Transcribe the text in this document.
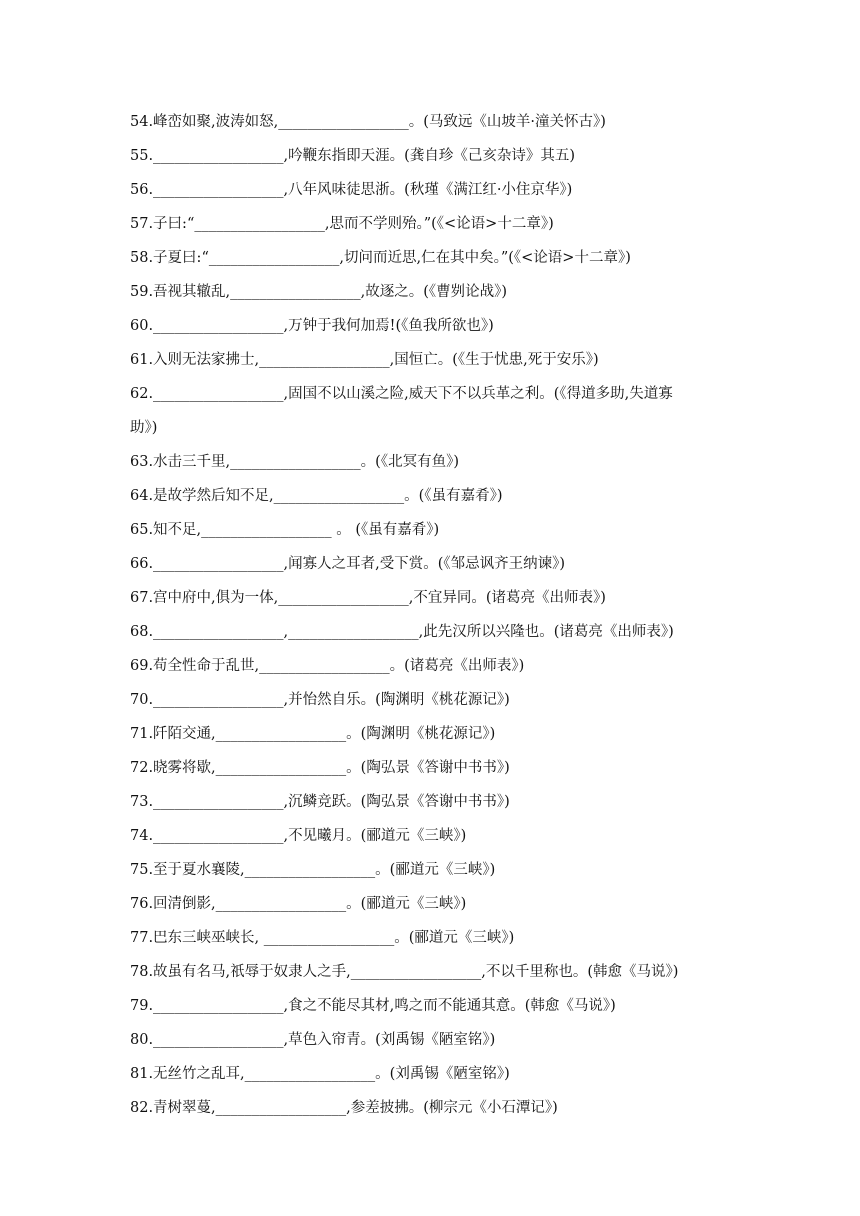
54.峰峦如聚,波涛如怒,__________________。(马致远《山坡羊·潼关怀古》)
55.__________________,吟鞭东指即天涯。(龚自珍《己亥杂诗》其五)
56.__________________,八年风味徒思浙。(秋瑾《满江红·小住京华》)
57.子曰:“__________________,思而不学则殆。”(《<论语>十二章》)
58.子夏曰:“__________________,切问而近思,仁在其中矣。”(《<论语>十二章》)
59.吾视其辙乱,__________________,故逐之。(《曹刿论战》)
60.__________________,万钟于我何加焉!(《鱼我所欲也》)
61.入则无法家拂士,__________________,国恒亡。(《生于忧患,死于安乐》)
62.__________________,固国不以山溪之险,威天下不以兵革之利。(《得道多助,失道寡
助》)
63.水击三千里,__________________。(《北冥有鱼》)
64.是故学然后知不足,__________________。(《虽有嘉肴》)
65.知不足,__________________ 。 (《虽有嘉肴》)
66.__________________,闻寡人之耳者,受下赏。(《邹忌讽齐王纳谏》)
67.宫中府中,俱为一体,__________________,不宜异同。(诸葛亮《出师表》)
68.__________________,__________________,此先汉所以兴隆也。(诸葛亮《出师表》)
69.苟全性命于乱世,__________________。(诸葛亮《出师表》)
70.__________________,并怡然自乐。(陶渊明《桃花源记》)
71.阡陌交通,__________________。(陶渊明《桃花源记》)
72.晓雾将歇,__________________。(陶弘景《答谢中书书》)
73.__________________,沉鳞竞跃。(陶弘景《答谢中书书》)
74.__________________,不见曦月。(郦道元《三峡》)
75.至于夏水襄陵,__________________。(郦道元《三峡》)
76.回清倒影,__________________。(郦道元《三峡》)
77.巴东三峡巫峡长, __________________。(郦道元《三峡》)
78.故虽有名马,祇辱于奴隶人之手,__________________,不以千里称也。(韩愈《马说》)
79.__________________,食之不能尽其材,鸣之而不能通其意。(韩愈《马说》)
80.__________________,草色入帘青。(刘禹锡《陋室铭》)
81.无丝竹之乱耳,__________________。(刘禹锡《陋室铭》)
82.青树翠蔓,__________________,参差披拂。(柳宗元《小石潭记》)
